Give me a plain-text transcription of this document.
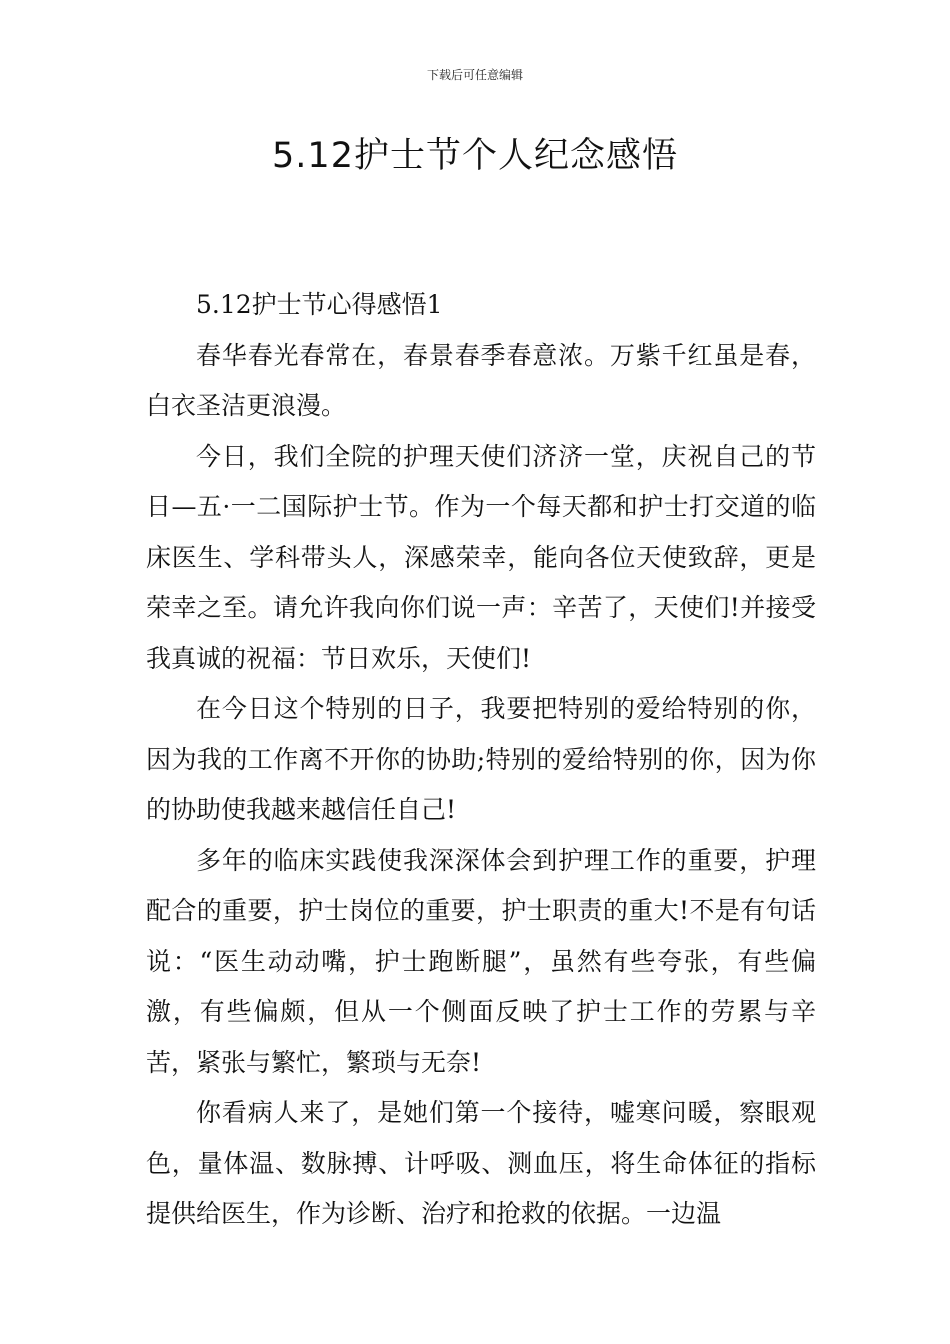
下载后可任意编辑
5.12护士节个人纪念感悟

5.12护士节心得感悟1

春华春光春常在，春景春季春意浓。万紫千红虽是春，白衣圣洁更浪漫。

今日，我们全院的护理天使们济济一堂，庆祝自己的节日—五·一二国际护士节。作为一个每天都和护士打交道的临床医生、学科带头人，深感荣幸，能向各位天使致辞，更是荣幸之至。请允许我向你们说一声：辛苦了，天使们!并接受我真诚的祝福：节日欢乐，天使们!

在今日这个特别的日子，我要把特别的爱给特别的你，因为我的工作离不开你的协助;特别的爱给特别的你，因为你的协助使我越来越信任自己!

多年的临床实践使我深深体会到护理工作的重要，护理配合的重要，护士岗位的重要，护士职责的重大!不是有句话说：“医生动动嘴，护士跑断腿”，虽然有些夸张，有些偏激，有些偏颇，但从一个侧面反映了护士工作的劳累与辛苦，紧张与繁忙，繁琐与无奈!

你看病人来了，是她们第一个接待，嘘寒问暖，察眼观色，量体温、数脉搏、计呼吸、测血压，将生命体征的指标提供给医生，作为诊断、治疗和抢救的依据。一边温
